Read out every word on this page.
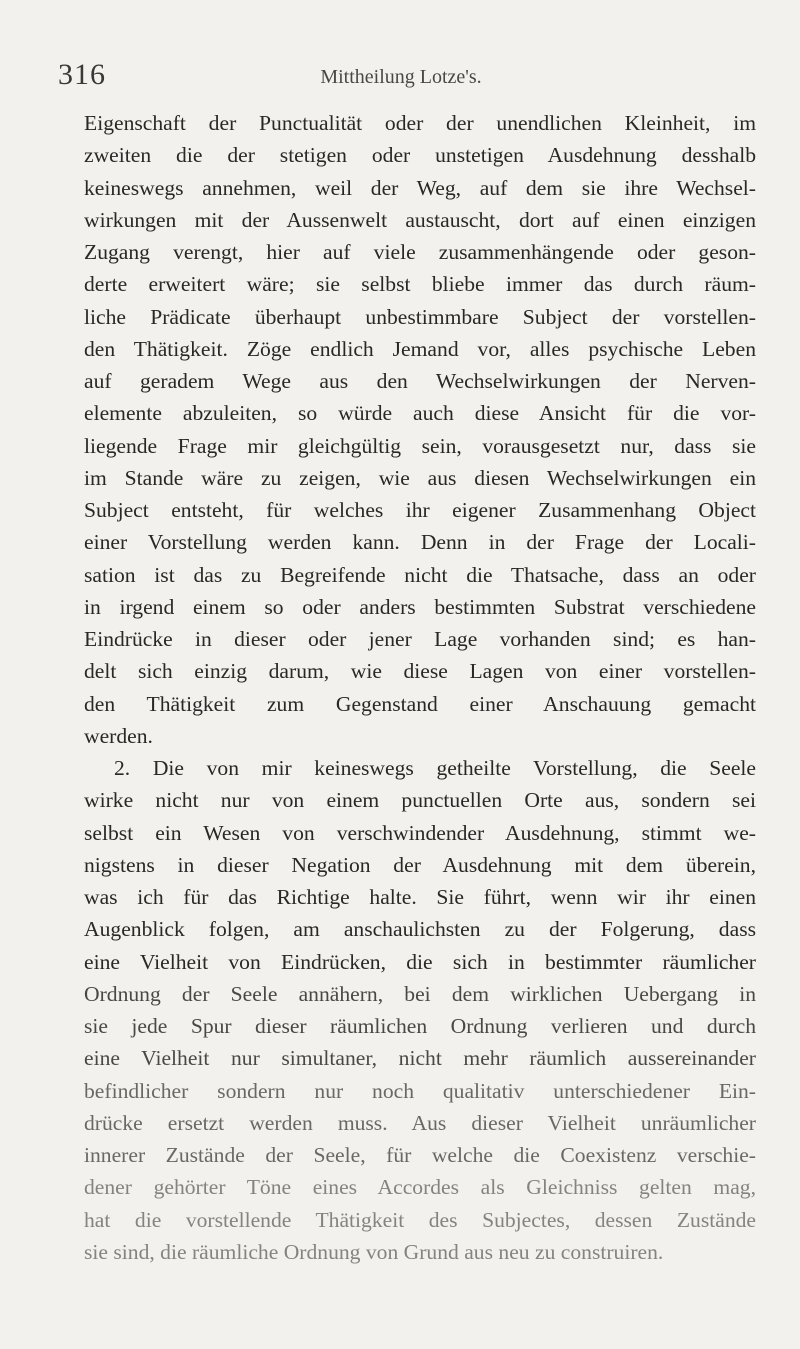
316	Mittheilung Lotze's.
Eigenschaft der Punctualität oder der unendlichen Kleinheit, im
zweiten die der stetigen oder unstetigen Ausdehnung desshalb
keineswegs annehmen, weil der Weg, auf dem sie ihre Wechsel-
wirkungen mit der Aussenwelt austauscht, dort auf einen einzigen
Zugang verengt, hier auf viele zusammenhängende oder geson-
derte erweitert wäre; sie selbst bliebe immer das durch räum-
liche Prädicate überhaupt unbestimmbare Subject der vorstellen-
den Thätigkeit. Zöge endlich Jemand vor, alles psychische Leben
auf geradem Wege aus den Wechselwirkungen der Nerven-
elemente abzuleiten, so würde auch diese Ansicht für die vor-
liegende Frage mir gleichgültig sein, vorausgesetzt nur, dass sie
im Stande wäre zu zeigen, wie aus diesen Wechselwirkungen ein
Subject entsteht, für welches ihr eigener Zusammenhang Object
einer Vorstellung werden kann. Denn in der Frage der Locali-
sation ist das zu Begreifende nicht die Thatsache, dass an oder
in irgend einem so oder anders bestimmten Substrat verschiedene
Eindrücke in dieser oder jener Lage vorhanden sind; es han-
delt sich einzig darum, wie diese Lagen von einer vorstellen-
den Thätigkeit zum Gegenstand einer Anschauung gemacht
werden.
2. Die von mir keineswegs getheilte Vorstellung, die Seele
wirke nicht nur von einem punctuellen Orte aus, sondern sei
selbst ein Wesen von verschwindender Ausdehnung, stimmt we-
nigstens in dieser Negation der Ausdehnung mit dem überein,
was ich für das Richtige halte. Sie führt, wenn wir ihr einen
Augenblick folgen, am anschaulichsten zu der Folgerung, dass
eine Vielheit von Eindrücken, die sich in bestimmter räumlicher
Ordnung der Seele annähern, bei dem wirklichen Uebergang in
sie jede Spur dieser räumlichen Ordnung verlieren und durch
eine Vielheit nur simultaner, nicht mehr räumlich aussereinander
befindlicher sondern nur noch qualitativ unterschiedener Ein-
drücke ersetzt werden muss. Aus dieser Vielheit unräumlicher
innerer Zustände der Seele, für welche die Coexistenz verschie-
dener gehörter Töne eines Accordes als Gleichniss gelten mag,
hat die vorstellende Thätigkeit des Subjectes, dessen Zustände
sie sind, die räumliche Ordnung von Grund aus neu zu construiren.
